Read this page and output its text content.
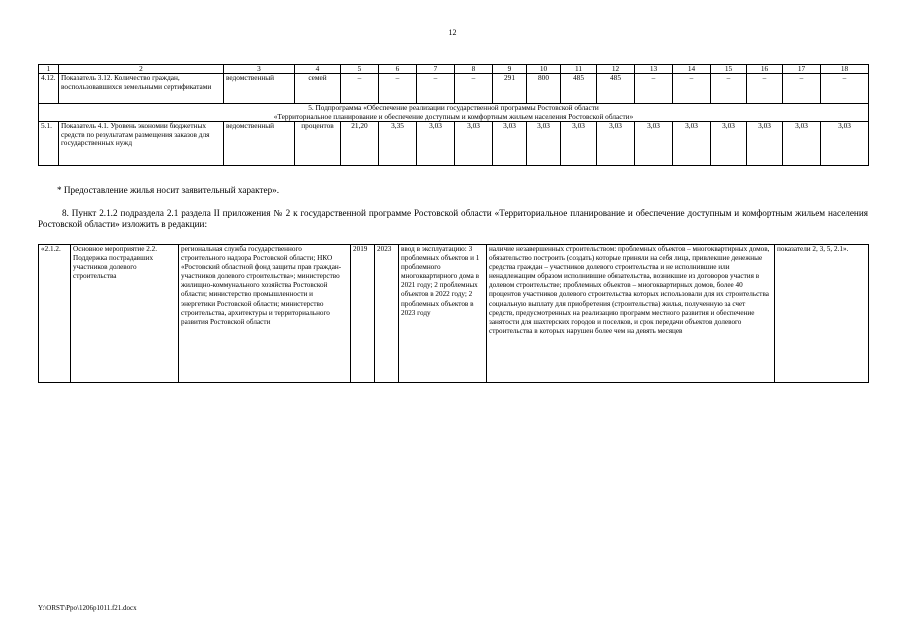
12
1	2	3	4	5	6	7	8	9	10	11	12	13	14	15	16	17	18
4.12.	Показатель 3.12. Количество граждан, воспользовавшихся земельными сертификатами	ведомственный	семей	–	–	–	–	291	800	485	485	–	–	–	–	–	–

5. Подпрограмма «Обеспечение реализации государственной программы Ростовской области
«Территориальное планирование и обеспечение доступным и комфортным жильем населения Ростовской области»																	

5.1.	Показатель 4.1. Уровень экономии бюджетных средств по результатам размещения заказов для государственных нужд	ведомственный	процентов	21,20	3,35	3,03	3,03	3,03	3,03	3,03	3,03	3,03	3,03	3,03	3,03	3,03	3,03
* Предоставление жилья носит заявительный характер».
8. Пункт 2.1.2 подраздела 2.1 раздела II приложения № 2 к государственной программе Ростовской области «Территориальное планирование и обеспечение доступным и комфортным жильем населения Ростовской области» изложить в редакции:
«2.1.2.	Основное мероприятие 2.2. Поддержка пострадавших участников долевого строительства	региональная служба государственного строительного надзора Ростовской области; НКО «Ростовский областной фонд защиты прав граждан-участников долевого строительства»; министерство жилищно-коммунального хозяйства Ростовской области; министерство промышленности и энергетики Ростовской области; министерство строительства, архитектуры и территориального развития Ростовской области	2019	2023	ввод в эксплуатацию: 3 проблемных объектов и 1 проблемного многоквартирного дома в 2021 году; 2 проблемных объектов в 2022 году; 2 проблемных объектов в 2023 году	наличие незавершенных строительством: проблемных объектов – многоквартирных домов, обязательство построить (создать) которые приняли на себя лица, привлекшие денежные средства граждан – участников долевого строительства и не исполнившие или ненадлежащим образом исполнившие обязательства, возникшие из договоров участия в долевом строительстве; проблемных объектов – многоквартирных домов, более 40 процентов участников долевого строительства которых использовали для их строительства социальную выплату для приобретения (строительства) жилья, полученную за счет средств, предусмотренных на реализацию программ местного развития и обеспечение занятости для шахтерских городов и поселков, и срок передачи объектов долевого строительства в которых нарушен более чем на девять месяцев	показатели 2, 3, 5, 2.1».
Y:\ORST\Ppo\1206p1011.f21.docx
